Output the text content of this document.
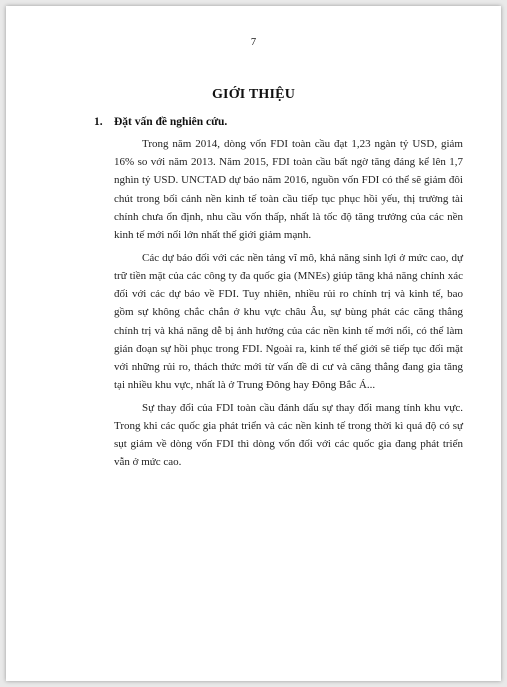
7
GIỚI THIỆU
1. Đặt vấn đề nghiên cứu.

Trong năm 2014, dòng vốn FDI toàn cầu đạt 1,23 ngàn tỷ USD, giảm 16% so với năm 2013. Năm 2015, FDI toàn cầu bất ngờ tăng đáng kể lên 1,7 nghìn tỷ USD. UNCTAD dự báo năm 2016, nguồn vốn FDI có thể sẽ giảm đôi chút trong bối cảnh nền kinh tế toàn cầu tiếp tục phục hồi yếu, thị trường tài chính chưa ổn định, nhu cầu vốn thấp, nhất là tốc độ tăng trưởng của các nền kinh tế mới nổi lớn nhất thế giới giảm mạnh.

Các dự báo đối với các nền tảng vĩ mô, khả năng sinh lợi ở mức cao, dự trữ tiền mặt của các công ty đa quốc gia (MNEs) giúp tăng khả năng chính xác đối với các dự báo về FDI. Tuy nhiên, nhiều rủi ro chính trị và kinh tế, bao gồm sự không chắc chắn ở khu vực châu Âu, sự bùng phát các căng thẳng chính trị và khả năng dễ bị ảnh hưởng của các nền kinh tế mới nổi, có thể làm gián đoạn sự hồi phục trong FDI. Ngoài ra, kinh tế thế giới sẽ tiếp tục đối mặt với những rủi ro, thách thức mới từ vấn đề di cư và căng thẳng đang gia tăng tại nhiều khu vực, nhất là ở Trung Đông hay Đông Bắc Á...

Sự thay đổi của FDI toàn cầu đánh dấu sự thay đổi mang tính khu vực. Trong khi các quốc gia phát triển và các nền kinh tế trong thời kì quá độ có sự sụt giảm về dòng vốn FDI thì dòng vốn đối với các quốc gia đang phát triển vẫn ở mức cao.
